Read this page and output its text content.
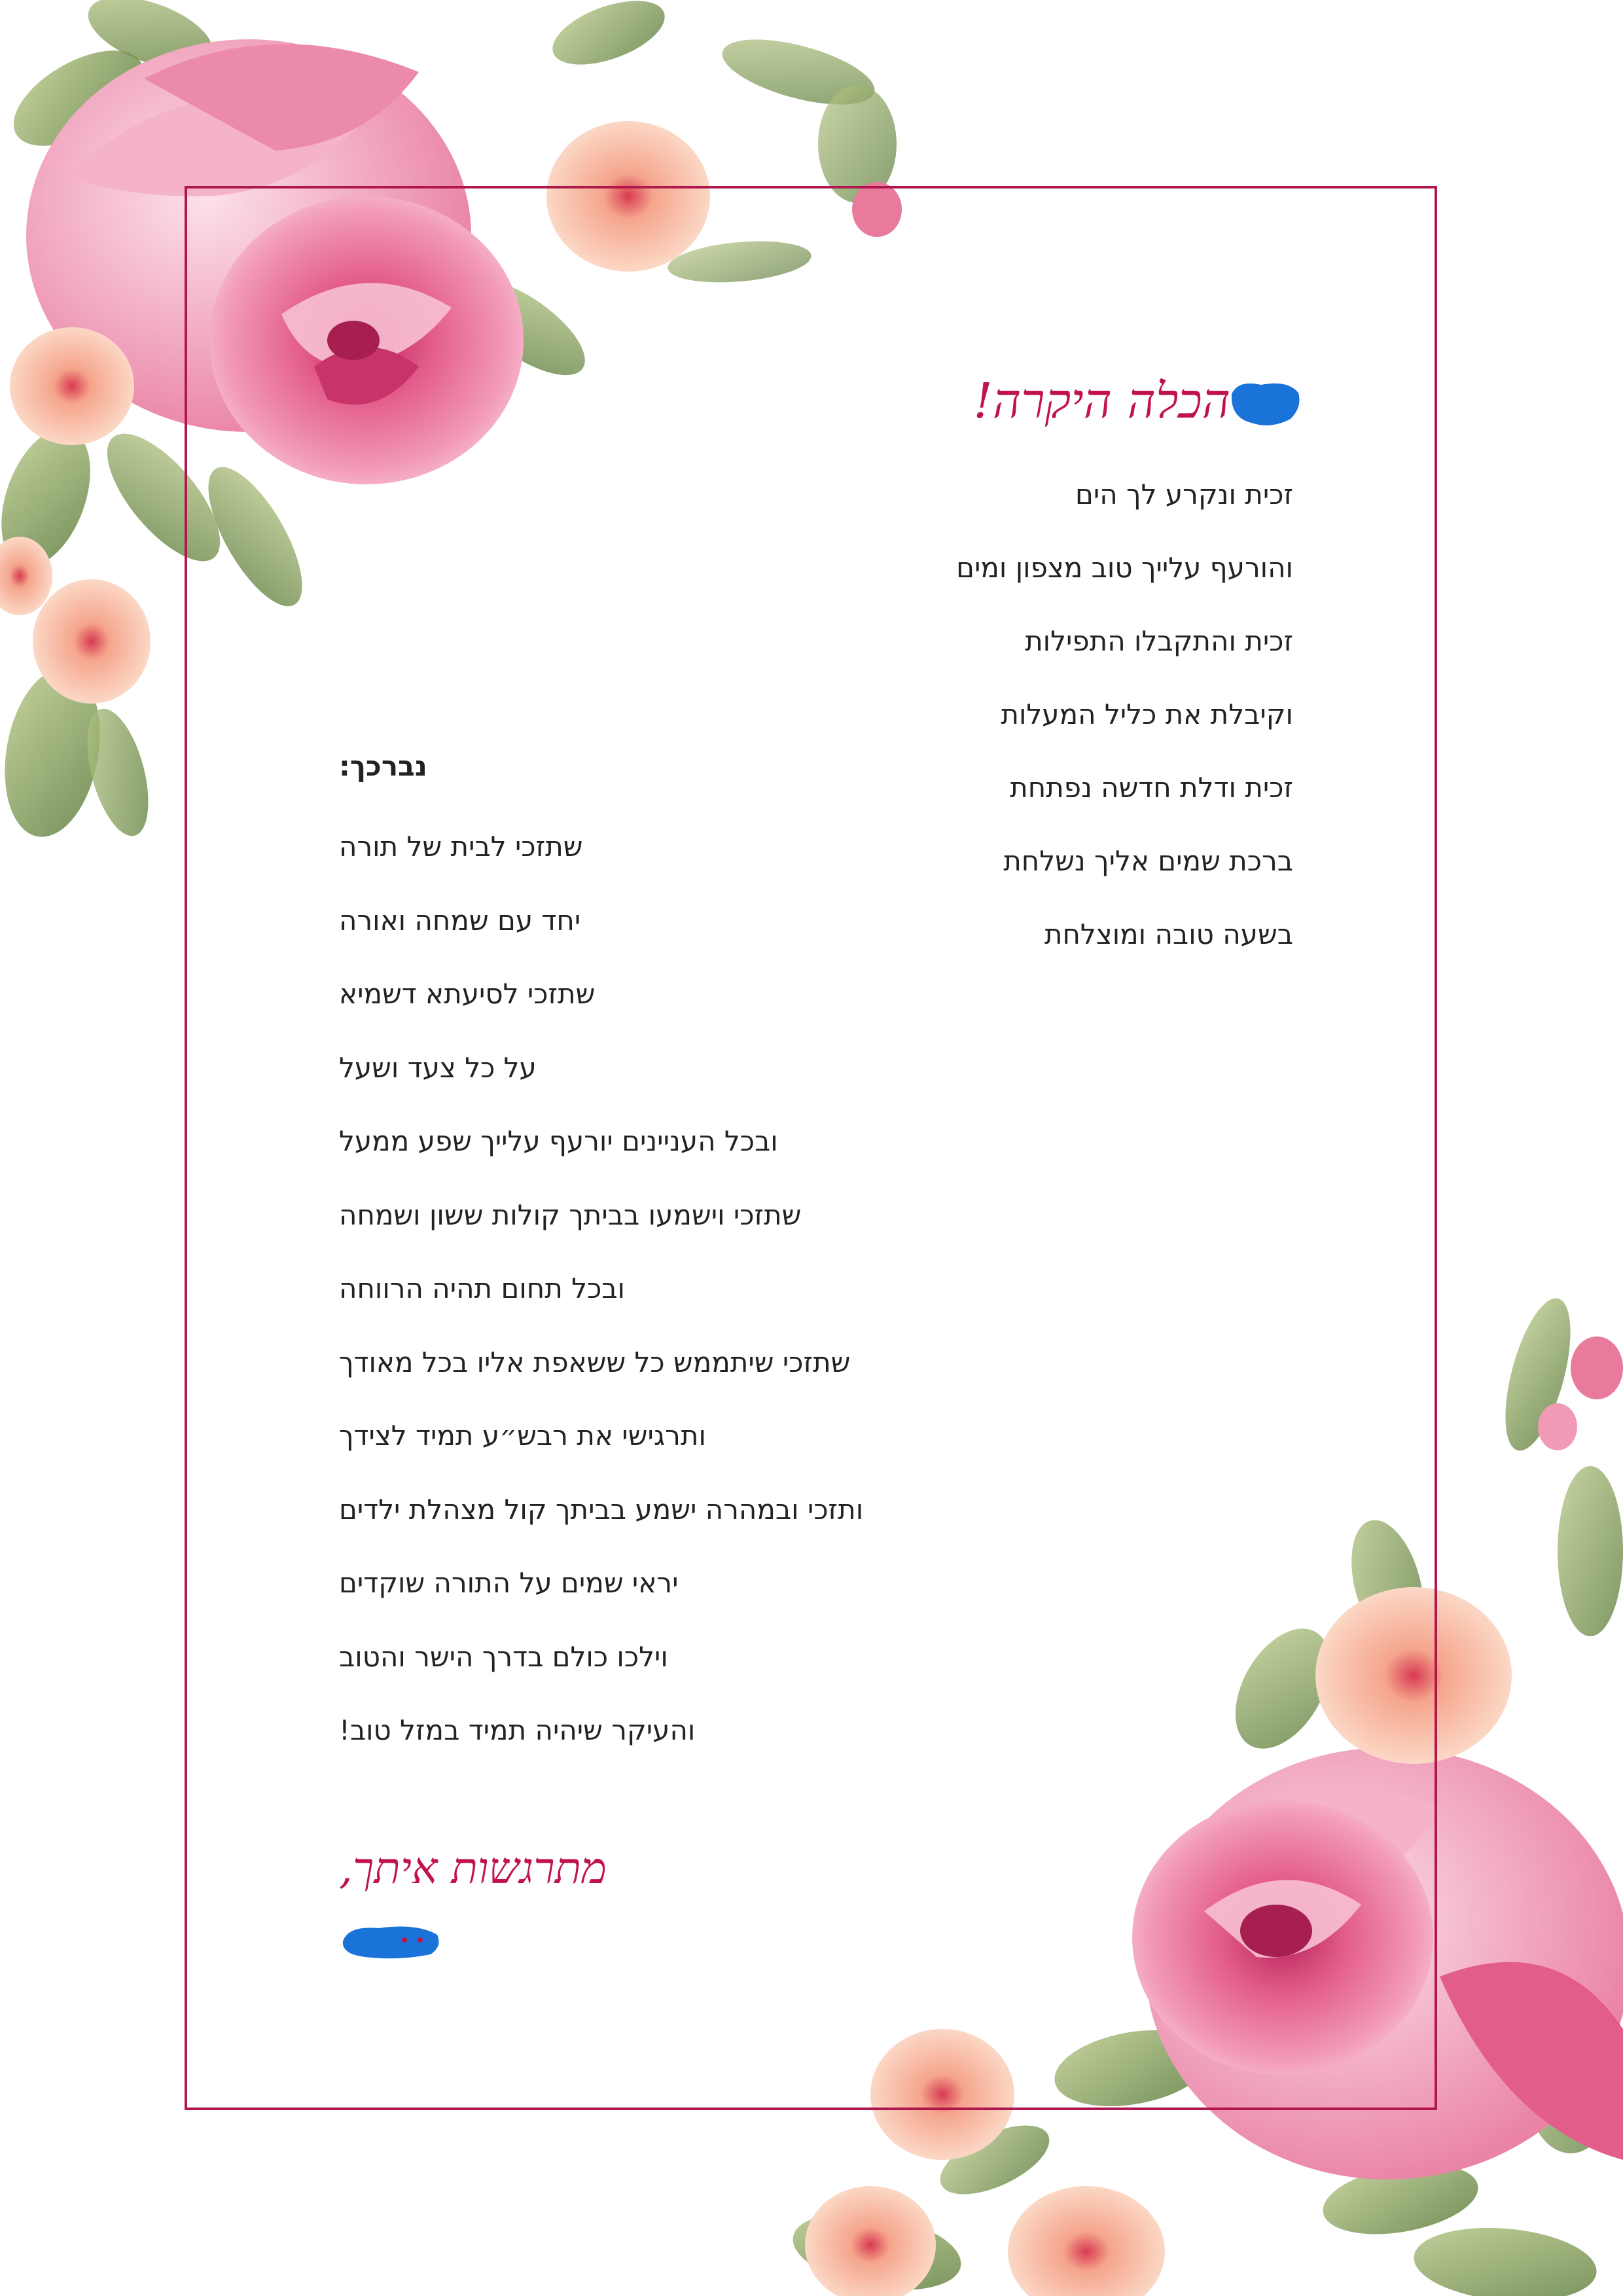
הכלה היקרה!
זכית ונקרע לך הים
והורעף עלייך טוב מצפון ומים
זכית והתקבלו התפילות
וקיבלת את כליל המעלות
זכית ודלת חדשה נפתחת
ברכת שמים אליך נשלחת
בשעה טובה ומוצלחת
נברכך:
שתזכי לבית של תורה
יחד עם שמחה ואורה
שתזכי לסיעתא דשמיא
על כל צעד ושעל
ובכל העניינים יורעף עלייך שפע ממעל
שתזכי וישמעו בביתך קולות ששון ושמחה
ובכל תחום תהיה הרווחה
שתזכי שיתממש כל ששאפת אליו בכל מאודך
ותרגישי את רבש״ע תמיד לצידך
ותזכי ובמהרה ישמע בביתך קול מצהלת ילדים
יראי שמים על התורה שוקדים
וילכו כולם בדרך הישר והטוב
והעיקר שיהיה תמיד במזל טוב!
מתרגשות איתך,
